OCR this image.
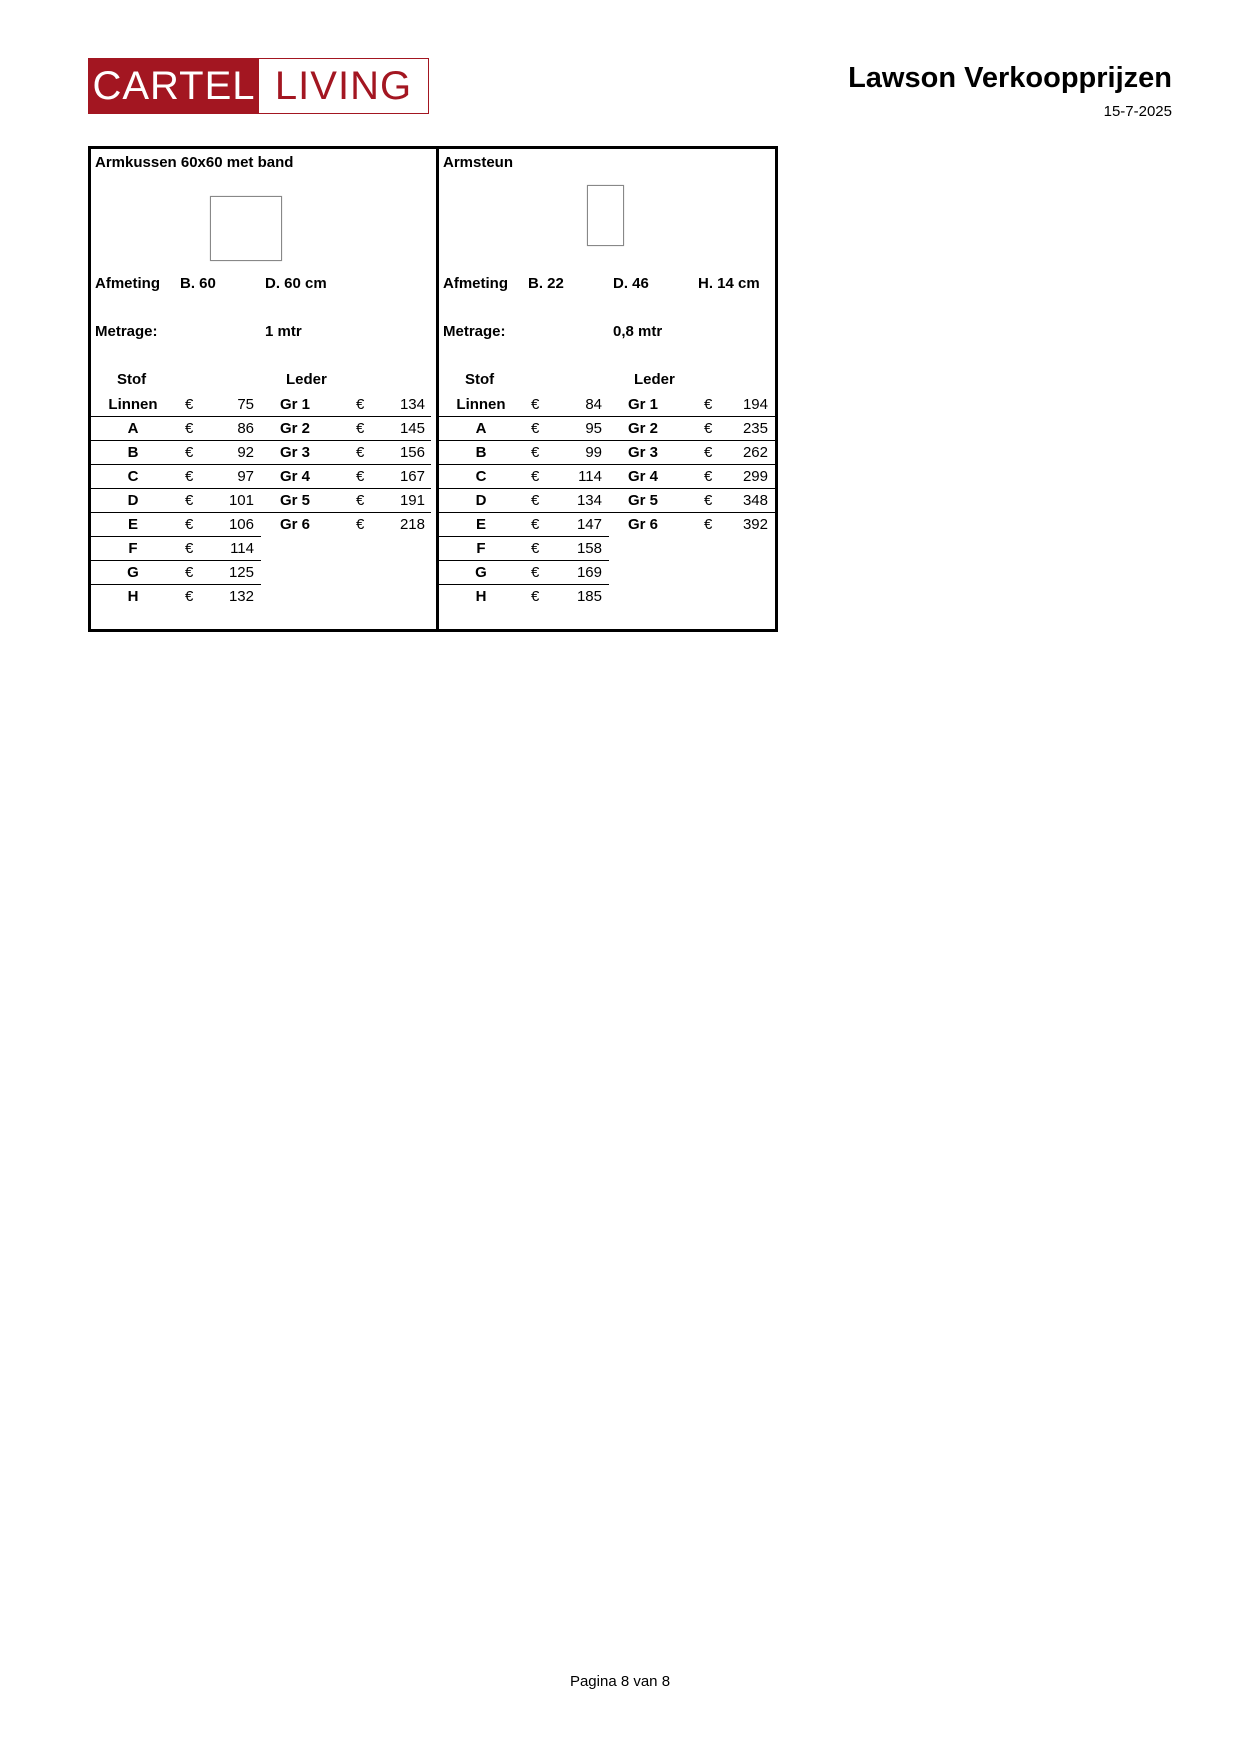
CARTEL LIVING	Lawson Verkoopprijzen
15-7-2025
Armkussen 60x60 met band
Afmeting B. 60	D. 60 cm
Metrage:	1 mtr
Stof	Leder
Linnen	€	75	Gr 1	€	134
A	€	86	Gr 2	€	145
B	€	92	Gr 3	€	156
C	€	97	Gr 4	€	167
D	€	101	Gr 5	€	191
E	€	106	Gr 6	€	218
F	€	114
G	€	125
H	€	132
Armsteun
Afmeting B. 22	D. 46	H. 14 cm
Metrage:	0,8 mtr
Stof	Leder
Linnen	€	84	Gr 1	€	194
A	€	95	Gr 2	€	235
B	€	99	Gr 3	€	262
C	€	114	Gr 4	€	299
D	€	134	Gr 5	€	348
E	€	147	Gr 6	€	392
F	€	158
G	€	169
H	€	185
Pagina 8 van 8
